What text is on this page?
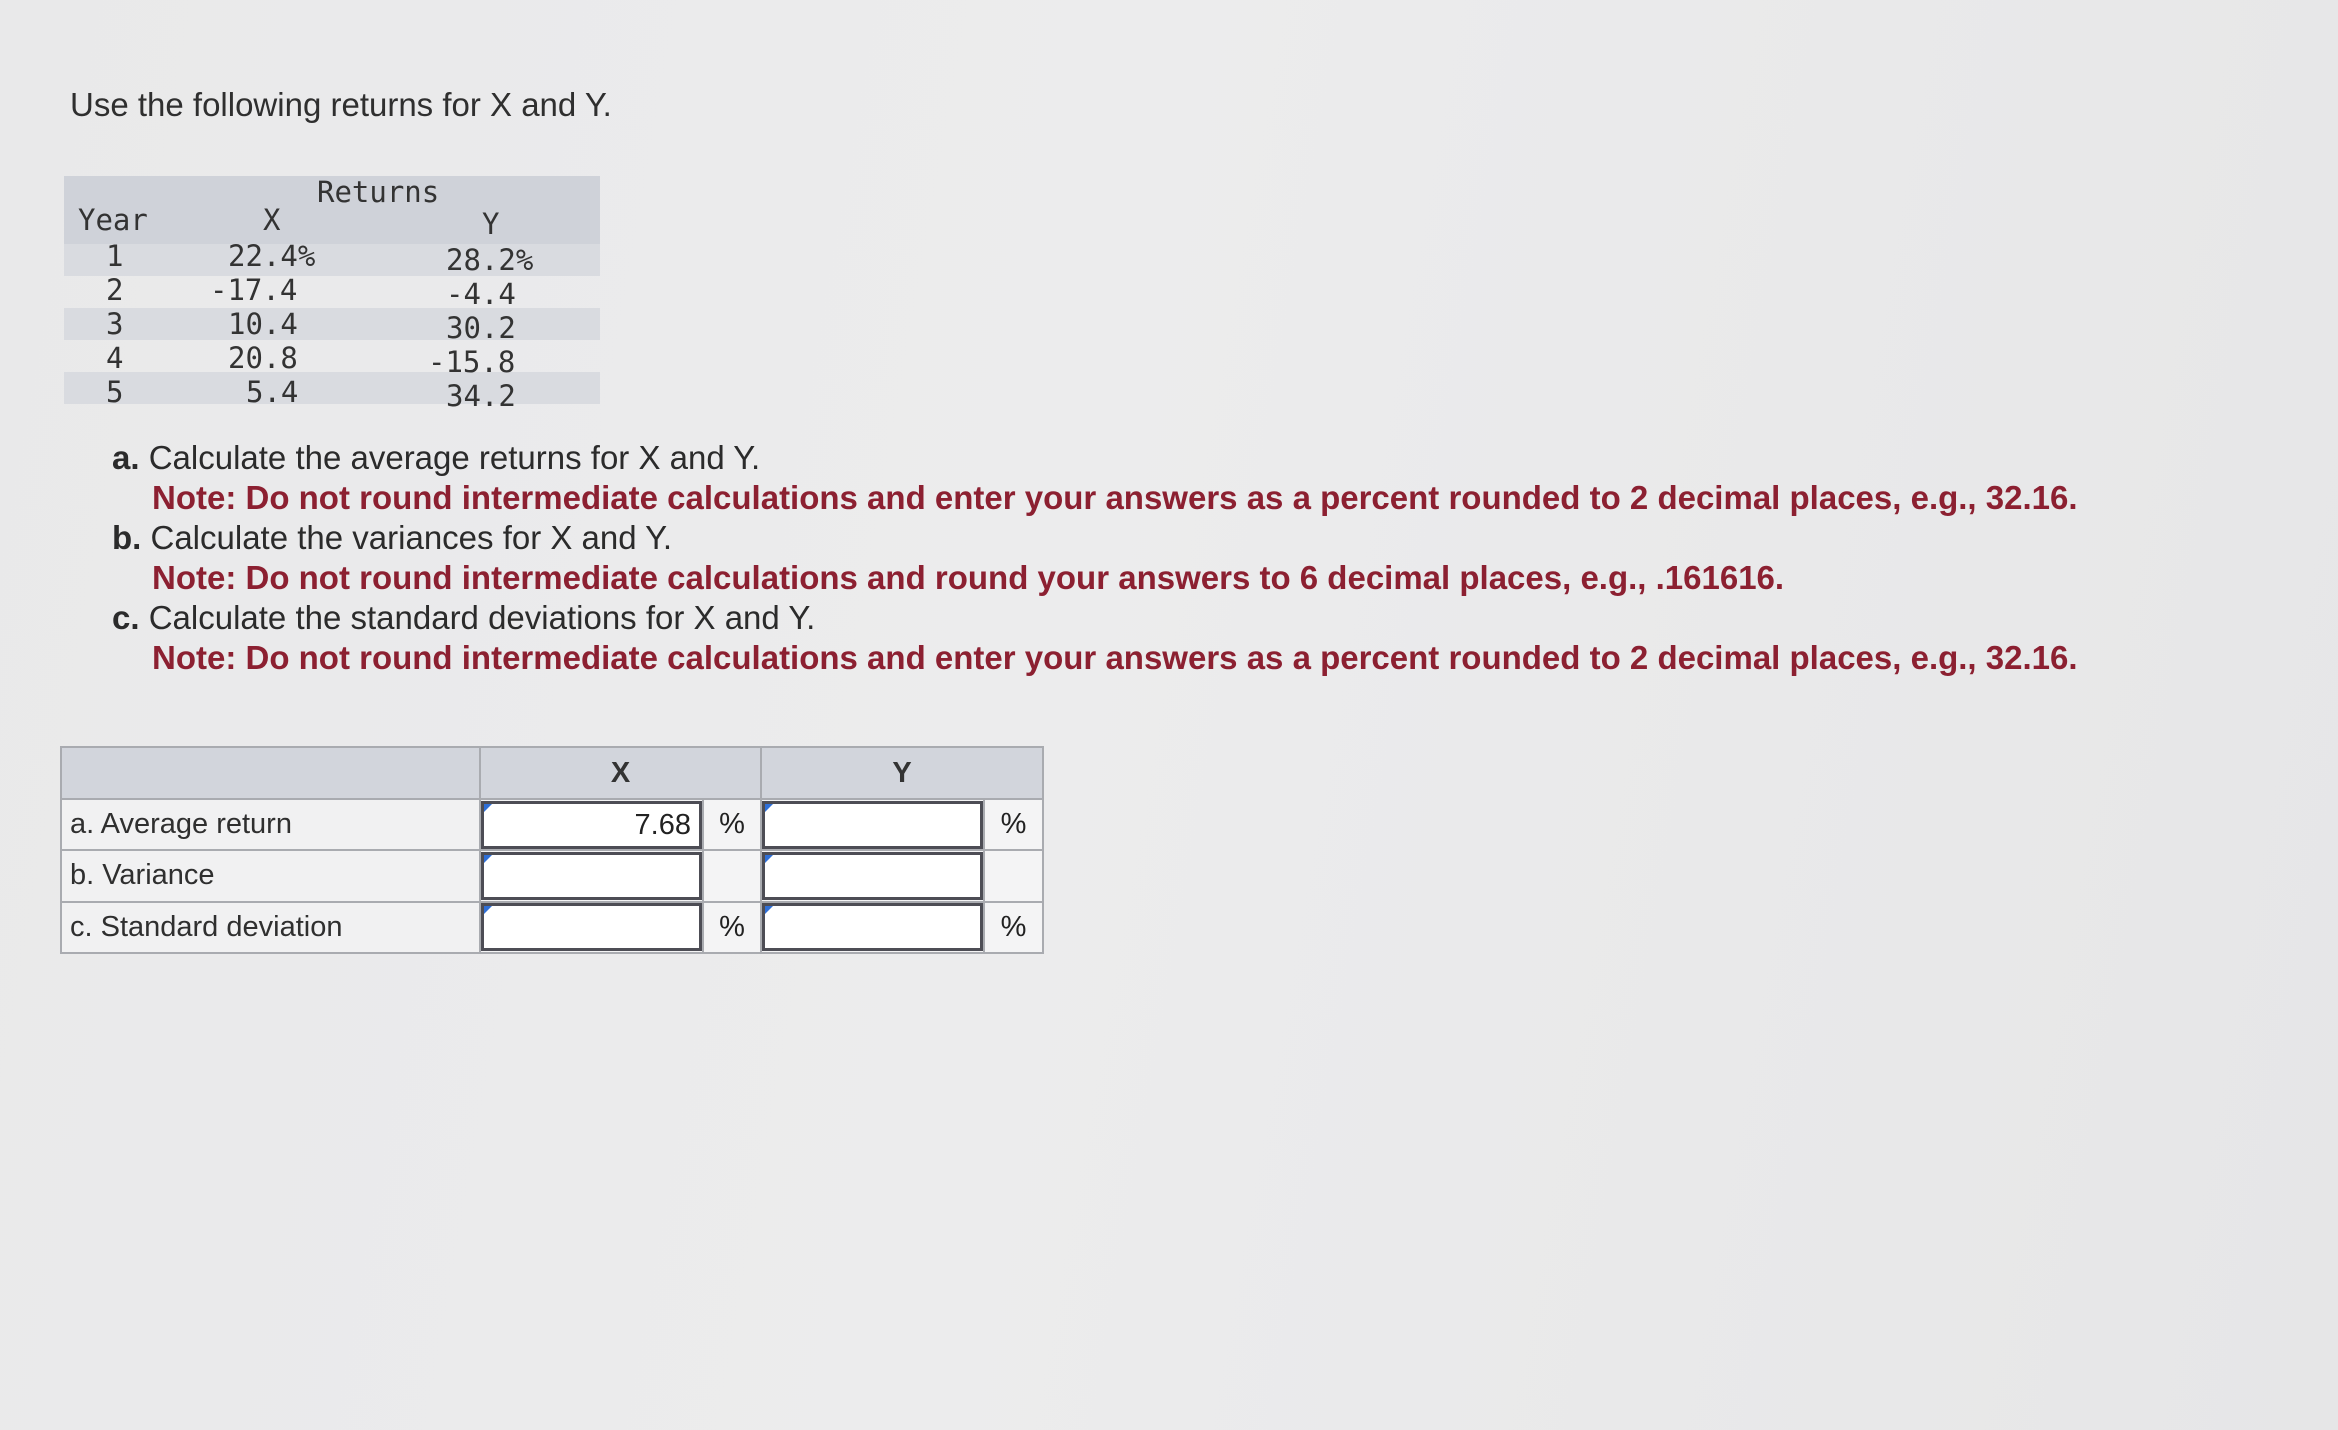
Use the following returns for X and Y.
Returns
Year	X	Y
1	22.4%	28.2%
2	-17.4	-4.4
3	10.4	30.2
4	20.8	-15.8
5	5.4	34.2
a. Calculate the average returns for X and Y.
Note: Do not round intermediate calculations and enter your answers as a percent rounded to 2 decimal places, e.g., 32.16.
b. Calculate the variances for X and Y.
Note: Do not round intermediate calculations and round your answers to 6 decimal places, e.g., .161616.
c. Calculate the standard deviations for X and Y.
Note: Do not round intermediate calculations and enter your answers as a percent rounded to 2 decimal places, e.g., 32.16.
	X		Y	
a. Average return	7.68	%		%
b. Variance	

c. Standard deviation		%		%
